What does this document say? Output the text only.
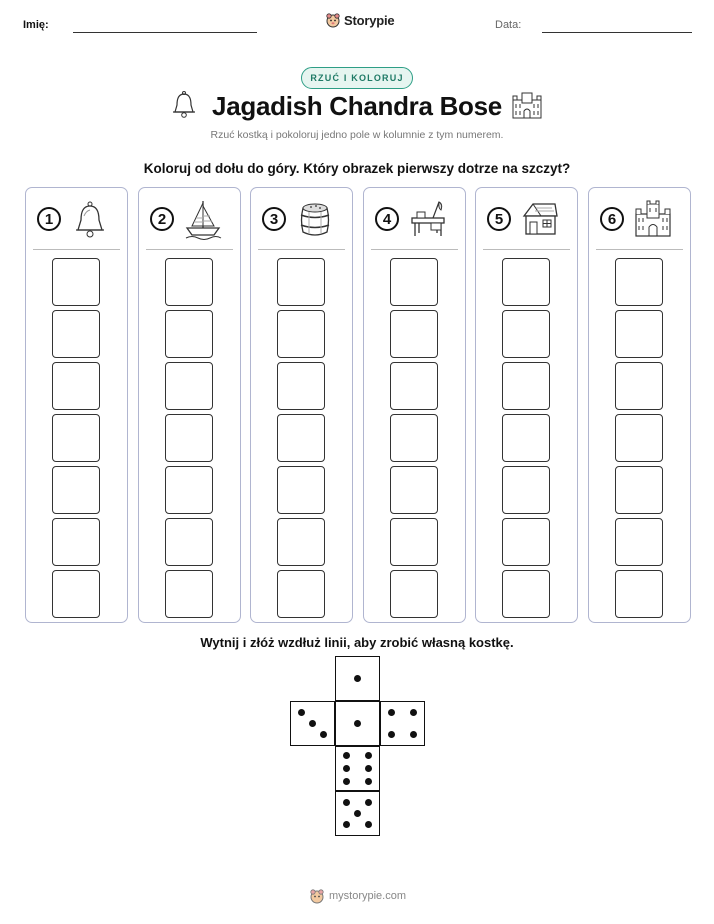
Imię:	Storypie	Data:
RZUĆ I KOLORUJ
Jagadish Chandra Bose
Rzuć kostką i pokoloruj jedno pole w kolumnie z tym numerem.
Koloruj od dołu do góry. Który obrazek pierwszy dotrze na szczyt?
1	2	3	4	5	6
Wytnij i złóż wzdłuż linii, aby zrobić własną kostkę.
mystorypie.com
